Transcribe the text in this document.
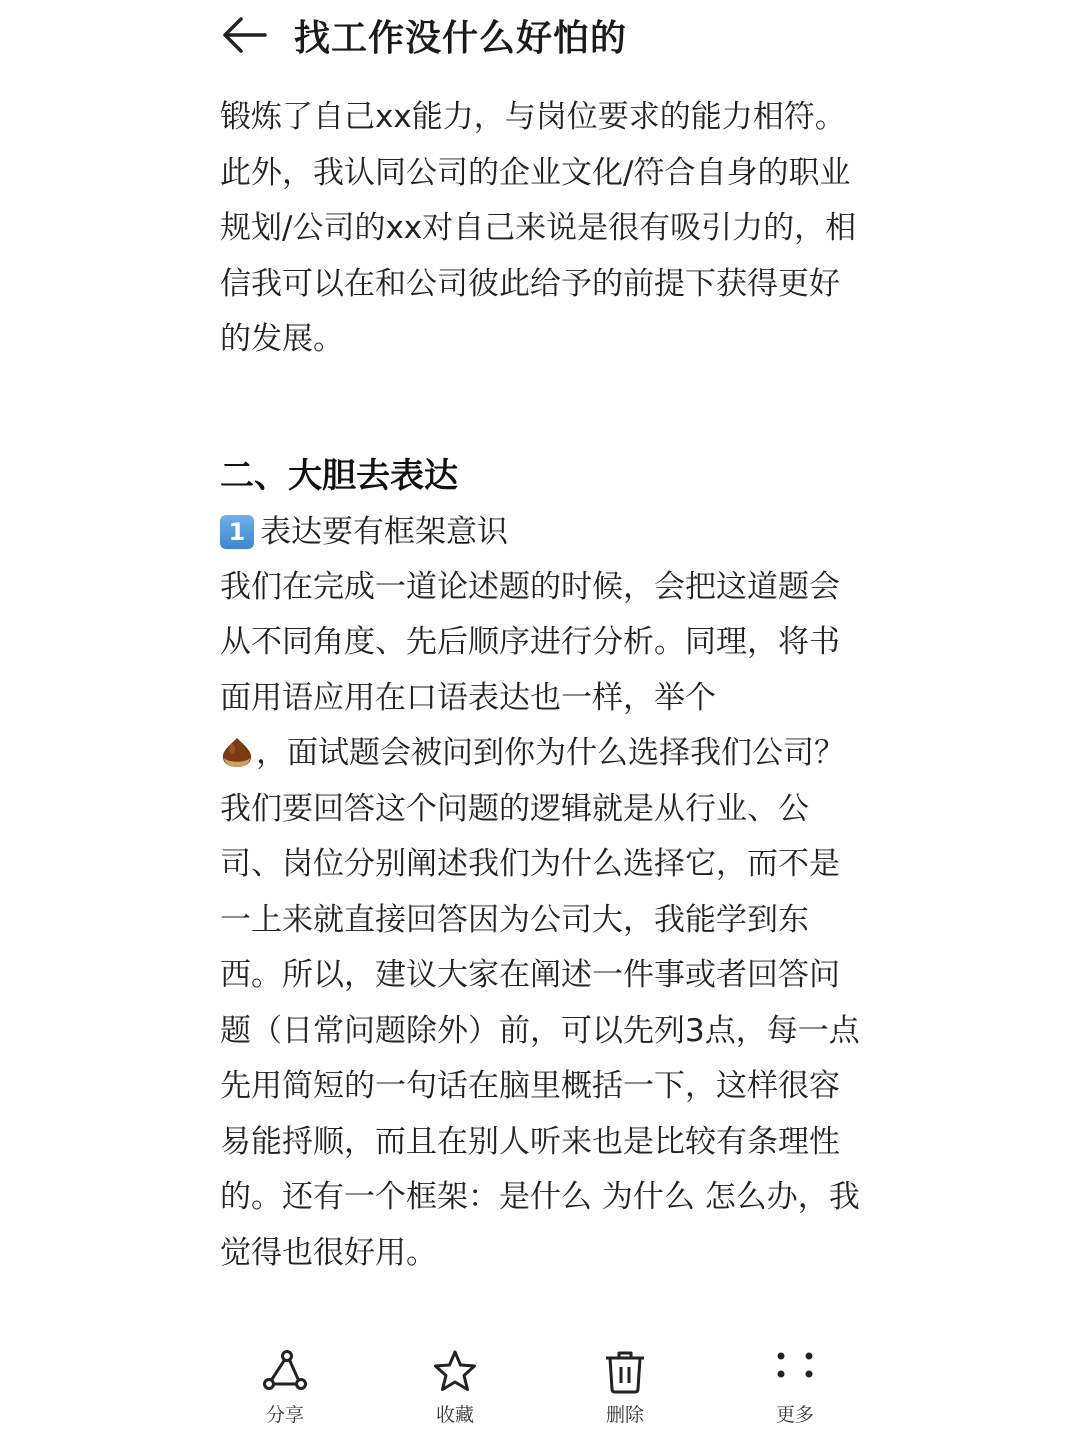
找工作没什么好怕的

锻炼了自己xx能力，与岗位要求的能力相符。

此外，我认同公司的企业文化/符合自身的职业规划/公司的xx对自己来说是很有吸引力的，相信我可以在和公司彼此给予的前提下获得更好的发展。

二、大胆去表达

1 表达要有框架意识

我们在完成一道论述题的时候，会把这道题会从不同角度、先后顺序进行分析。同理，将书面用语应用在口语表达也一样，举个
，面试题会被问到你为什么选择我们公司？我们要回答这个问题的逻辑就是从行业、公司、岗位分别阐述我们为什么选择它，而不是一上来就直接回答因为公司大，我能学到东西。所以，建议大家在阐述一件事或者回答问题（日常问题除外）前，可以先列3点，每一点先用简短的一句话在脑里概括一下，这样很容易能捋顺，而且在别人听来也是比较有条理性的。还有一个框架：是什么 为什么 怎么办，我觉得也很好用。

分享	收藏	删除	更多
